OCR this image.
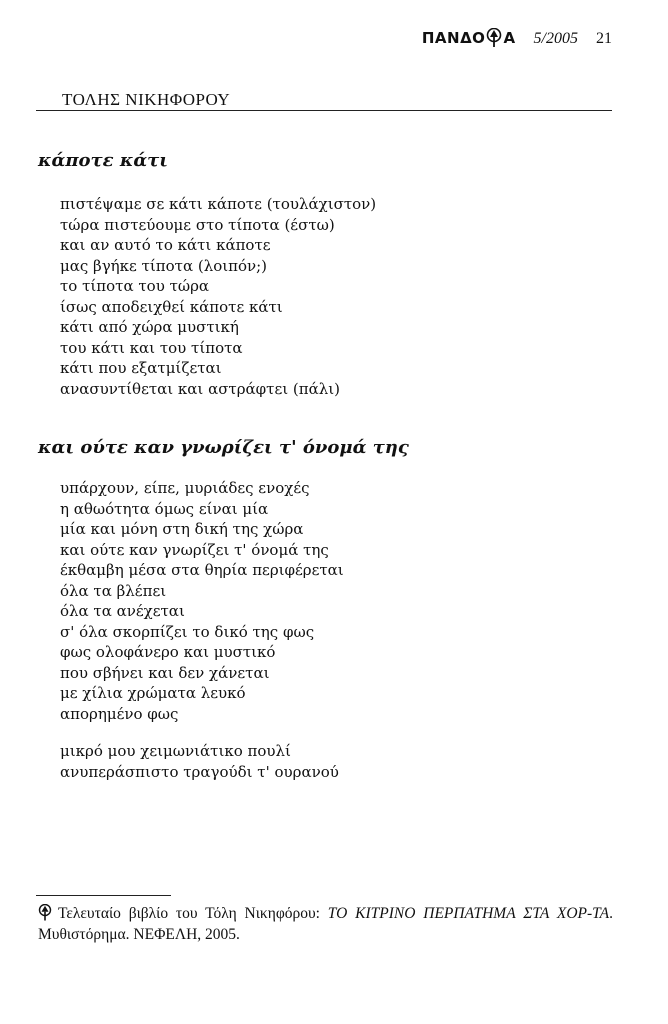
ΠΑΝΔΟ Α 5/2005 21
ΤΟΛΗΣ ΝΙΚΗΦΟΡΟΥ
κάποτε κάτι
πιστέψαμε σε κάτι κάποτε (τουλάχιστον)
τώρα πιστεύουμε στο τίποτα (έστω)
και αν αυτό το κάτι κάποτε
μας βγήκε τίποτα (λοιπόν;)
το τίποτα του τώρα
ίσως αποδειχθεί κάποτε κάτι
κάτι από χώρα μυστική
του κάτι και του τίποτα
κάτι που εξατμίζεται
ανασυντίθεται και αστράφτει (πάλι)
και ούτε καν γνωρίζει τ' όνομά της
υπάρχουν, είπε, μυριάδες ενοχές
η αθωότητα όμως είναι μία
μία και μόνη στη δική της χώρα
και ούτε καν γνωρίζει τ' όνομά της
έκθαμβη μέσα στα θηρία περιφέρεται
όλα τα βλέπει
όλα τα ανέχεται
σ' όλα σκορπίζει το δικό της φως
φως ολοφάνερο και μυστικό
που σβήνει και δεν χάνεται
με χίλια χρώματα λευκό
απορημένο φως
μικρό μου χειμωνιάτικο πουλί
ανυπεράσπιστο τραγούδι τ' ουρανού
Τελευταίο βιβλίο του Τόλη Νικηφόρου: ΤΟ ΚΙΤΡΙΝΟ ΠΕΡΠΑΤΗΜΑ ΣΤΑ ΧΟΡ-ΤΑ. Μυθιστόρημα. ΝΕΦΕΛΗ, 2005.
